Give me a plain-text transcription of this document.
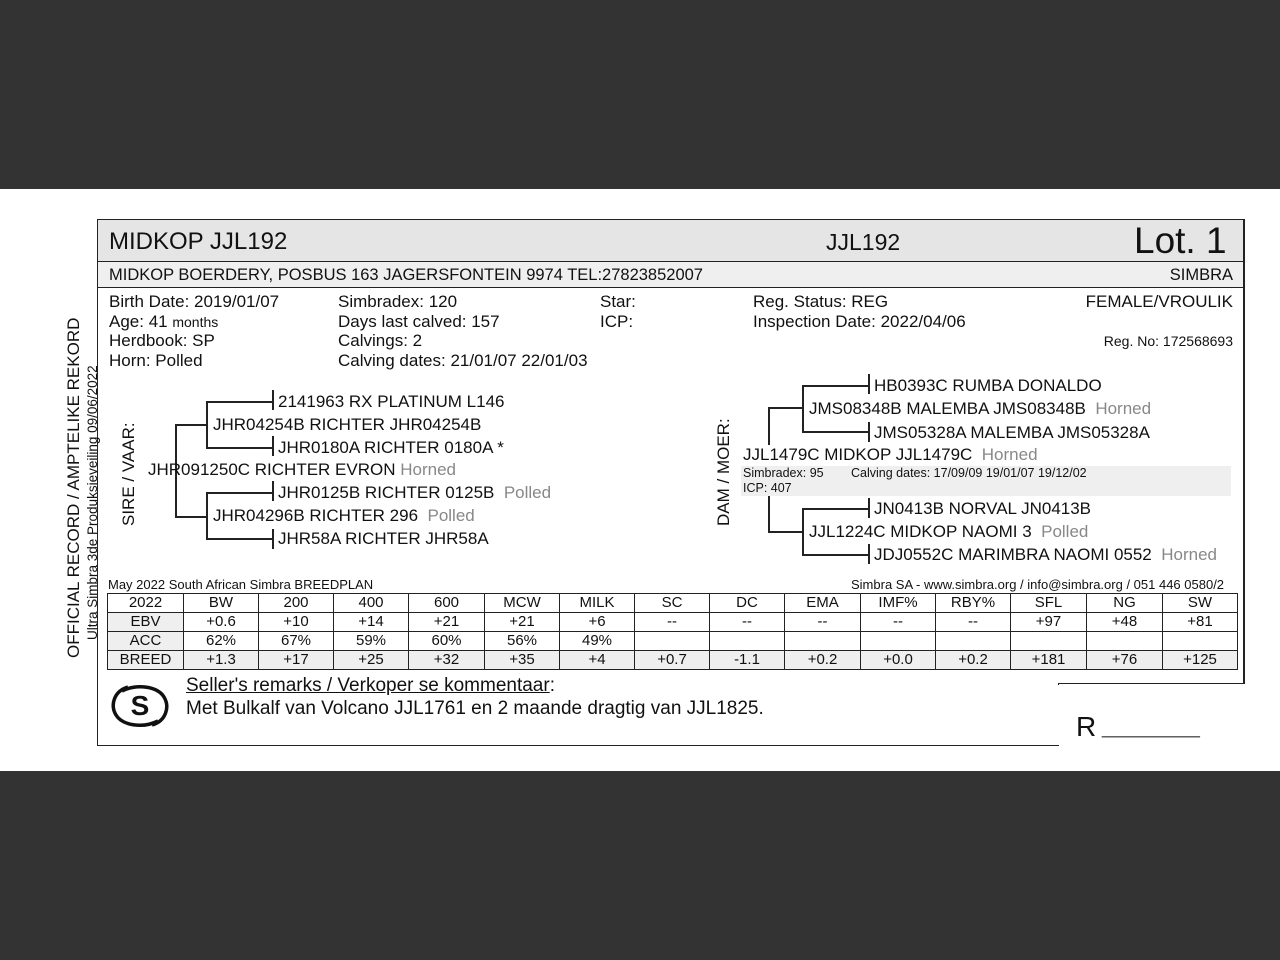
MIDKOP JJL192	JJL192	Lot. 1
MIDKOP BOERDERY, POSBUS 163 JAGERSFONTEIN 9974 TEL:27823852007	SIMBRA
Birth Date: 2019/01/07
Age: 41 months
Herdbook: SP
Horn: Polled
Simbradex: 120
Days last calved: 157
Calvings: 2
Calving dates: 21/01/07 22/01/03
Star:
ICP:
Reg. Status: REG
Inspection Date: 2022/04/06
FEMALE/VROULIK
Reg. No: 172568693
OFFICIAL RECORD / AMPTELIKE REKORD Ultra Simbra 3de Produksieveiling 09/06/2022 SIRE / VAAR:	DAM / MOER:
2141963 RX PLATINUM L146
JHR04254B RICHTER JHR04254B
JHR0180A RICHTER 0180A *
JHR091250C RICHTER EVRON Horned
JHR0125B RICHTER 0125B Polled
JHR04296B RICHTER 296 Polled
JHR58A RICHTER JHR58A
HB0393C RUMBA DONALDO
JMS08348B MALEMBA JMS08348B Horned
JMS05328A MALEMBA JMS05328A
JJL1479C MIDKOP JJL1479C Horned
Simbradex: 95 Calving dates: 17/09/09 19/01/07 19/12/02
ICP: 407
JN0413B NORVAL JN0413B
JJL1224C MIDKOP NAOMI 3 Polled
JDJ0552C MARIMBRA NAOMI 0552 Horned
May 2022 South African Simbra BREEDPLAN	Simbra SA - www.simbra.org / info@simbra.org / 051 446 0580/2
2022	BW	200	400	600	MCW	MILK	SC	DC	EMA	IMF%	RBY%	SFL	NG	SW
EBV	+0.6	+10	+14	+21	+21	+6	--	--	--	--	--	+97	+48	+81
ACC	62%	67%	59%	60%	56%	49%								
BREED	+1.3	+17	+25	+32	+35	+4	+0.7	-1.1	+0.2	+0.0	+0.2	+181	+76	+125
S
Seller's remarks / Verkoper se kommentaar:
Met Bulkalf van Volcano JJL1761 en 2 maande dragtig van JJL1825.
R ________
